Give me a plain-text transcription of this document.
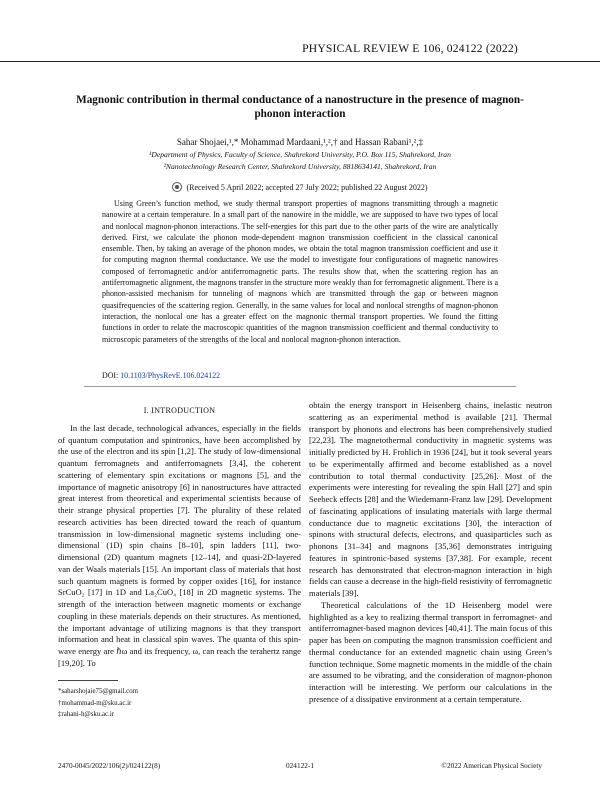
PHYSICAL REVIEW E 106, 024122 (2022)
Magnonic contribution in thermal conductance of a nanostructure in the presence of magnon-phonon interaction
Sahar Shojaei,¹,* Mohammad Mardaani,¹,²,† and Hassan Rabani¹,²,‡
¹Department of Physics, Faculty of Science, Shahrekord University, P.O. Box 115, Shahrekord, Iran
²Nanotechnology Research Center, Shahrekord University, 8818634141, Shahrekord, Iran
(Received 5 April 2022; accepted 27 July 2022; published 22 August 2022)

Using Green’s function method, we study thermal transport properties of magnons transmitting through a magnetic nanowire at a certain temperature. In a small part of the nanowire in the middle, we are supposed to have two types of local and nonlocal magnon-phonon interactions. The self-energies for this part due to the other parts of the wire are analytically derived. First, we calculate the phonon mode-dependent magnon transmission coefficient in the classical canonical ensemble. Then, by taking an average of the phonon modes, we obtain the total magnon transmission coefficient and use it for computing magnon thermal conductance. We use the model to investigate four configurations of magnetic nanowires composed of ferromagnetic and/or antiferromagnetic parts. The results show that, when the scattering region has an antiferromagnetic alignment, the magnons transfer in the structure more weakly than for ferromagnetic alignment. There is a phonon-assisted mechanism for tunneling of magnons which are transmitted through the gap or between magnon quasifrequencies of the scattering region. Generally, in the same values for local and nonlocal strengths of magnon-phonon interaction, the nonlocal one has a greater effect on the magnonic thermal transport properties. We found the fitting functions in order to relate the macroscopic quantities of the magnon transmission coefficient and thermal conductivity to microscopic parameters of the strengths of the local and nonlocal magnon-phonon interaction.

DOI: 10.1103/PhysRevE.106.024122
I. INTRODUCTION

In the last decade, technological advances, especially in the fields of quantum computation and spintronics, have been accomplished by the use of the electron and its spin [1,2]. The study of low-dimensional quantum ferromagnets and antiferromagnets [3,4], the coherent scattering of elementary spin excitations or magnons [5], and the importance of magnetic anisotropy [6] in nanostructures have attracted great interest from theoretical and experimental scientists because of their strange physical properties [7]. The plurality of these related research activities has been directed toward the reach of quantum transmission in low-dimensional magnetic systems including one-dimensional (1D) spin chains [8–10], spin ladders [11], two-dimensional (2D) quantum magnets [12–14], and quasi-2D-layered van der Waals materials [15]. An important class of materials that host such quantum magnets is formed by copper oxides [16], for instance SrCuO₂ [17] in 1D and La₂CuO₄ [18] in 2D magnetic systems. The strength of the interaction between magnetic moments or exchange coupling in these materials depends on their structures. As mentioned, the important advantage of utilizing magnons is that they transport information and heat in classical spin waves. The quanta of this spin-wave energy are ℏω and its frequency, ω, can reach the terahertz range [19,20]. To

obtain the energy transport in Heisenberg chains, inelastic neutron scattering as an experimental method is available [21]. Thermal transport by phonons and electrons has been comprehensively studied [22,23]. The magnetothermal conductivity in magnetic systems was initially predicted by H. Frohlich in 1936 [24], but it took several years to be experimentally affirmed and become established as a novel contribution to total thermal conductivity [25,26]. Most of the experiments were interesting for revealing the spin Hall [27] and spin Seebeck effects [28] and the Wiedemann-Franz law [29]. Development of fascinating applications of insulating materials with large thermal conductance due to magnetic excitations [30], the interaction of spinons with structural defects, electrons, and quasiparticles such as phonons [31–34] and magnons [35,36] demonstrates intriguing features in spintronic-based systems [37,38]. For example, recent research has demonstrated that electron-magnon interaction in high fields can cause a decrease in the high-field resistivity of ferromagnetic materials [39].

Theoretical calculations of the 1D Heisenberg model were highlighted as a key to realizing thermal transport in ferromagnet- and antiferromagnet-based magnon devices [40,41]. The main focus of this paper has been on computing the magnon transmission coefficient and thermal conductance for an extended magnetic chain using Green’s function technique. Some magnetic moments in the middle of the chain are assumed to be vibrating, and the consideration of magnon-phonon interaction will be interesting. We perform our calculations in the presence of a dissipative environment at a certain temperature.

*saharshojaie75@gmail.com
†mohammad-m@sku.ac.ir
‡rahani-h@sku.ac.ir
2470-0045/2022/106(2)/024122(8)	024122-1	©2022 American Physical Society
